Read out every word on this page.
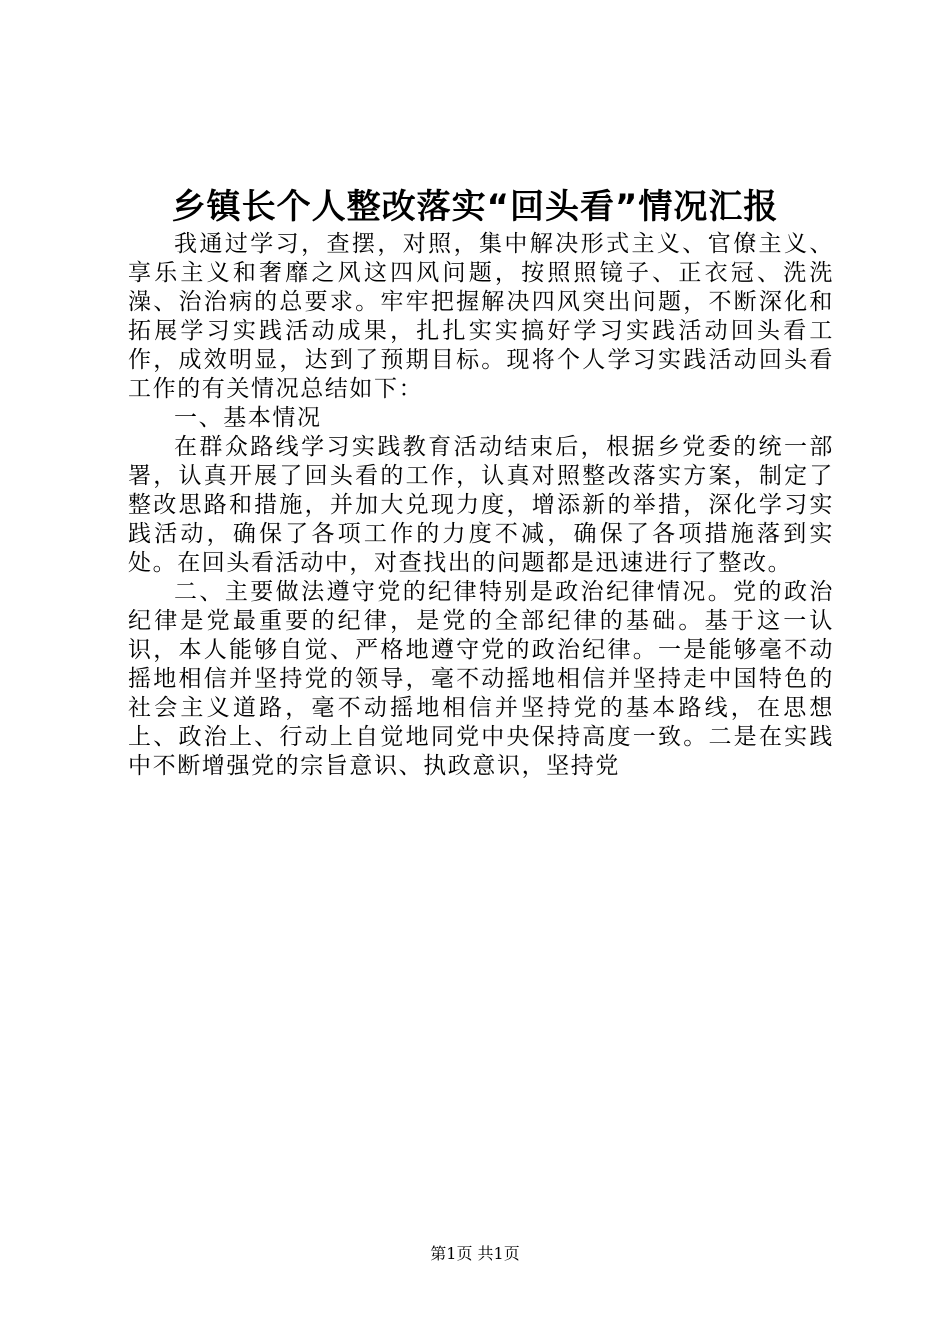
乡镇长个人整改落实“回头看”情况汇报

我通过学习，查摆，对照，集中解决形式主义、官僚主义、享乐主义和奢靡之风这四风问题，按照照镜子、正衣冠、洗洗澡、治治病的总要求。牢牢把握解决四风突出问题，不断深化和拓展学习实践活动成果，扎扎实实搞好学习实践活动回头看工作，成效明显，达到了预期目标。现将个人学习实践活动回头看工作的有关情况总结如下：

一、基本情况

在群众路线学习实践教育活动结束后，根据乡党委的统一部署，认真开展了回头看的工作，认真对照整改落实方案，制定了整改思路和措施，并加大兑现力度，增添新的举措，深化学习实践活动，确保了各项工作的力度不减，确保了各项措施落到实处。在回头看活动中，对查找出的问题都是迅速进行了整改。

二、主要做法遵守党的纪律特别是政治纪律情况。党的政治纪律是党最重要的纪律，是党的全部纪律的基础。基于这一认识，本人能够自觉、严格地遵守党的政治纪律。一是能够毫不动摇地相信并坚持党的领导，毫不动摇地相信并坚持走中国特色的社会主义道路，毫不动摇地相信并坚持党的基本路线，在思想上、政治上、行动上自觉地同党中央保持高度一致。二是在实践中不断增强党的宗旨意识、执政意识，坚持党

第1页 共1页
